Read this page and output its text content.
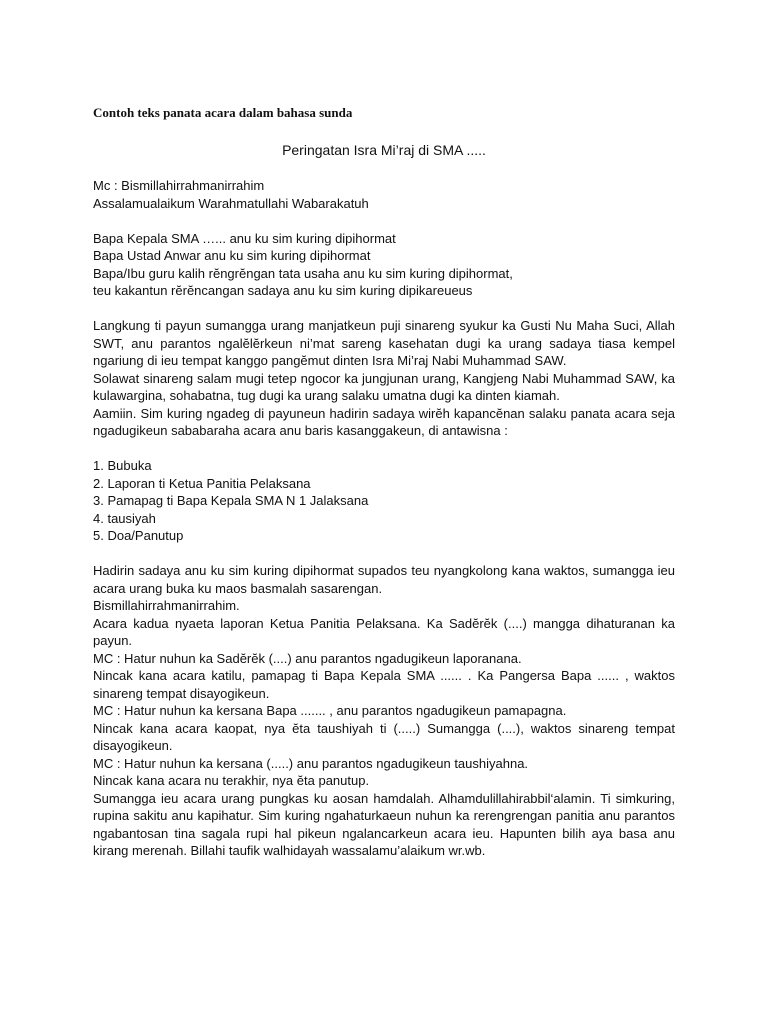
Contoh teks panata acara dalam bahasa sunda
Peringatan Isra Mi’raj di SMA .....
Mc : Bismillahirrahmanirrahim
Assalamualaikum Warahmatullahi Wabarakatuh
Bapa Kepala SMA …... anu ku sim kuring dipihormat
Bapa Ustad Anwar anu ku sim kuring dipihormat
Bapa/Ibu guru kalih rĕngrĕngan tata usaha anu ku sim kuring dipihormat,
teu kakantun rĕrĕncangan sadaya anu ku sim kuring dipikareueus

Langkung ti payun sumangga urang manjatkeun puji sinareng syukur ka Gusti Nu Maha Suci, Allah SWT, anu parantos ngalĕlĕrkeun ni’mat sareng kasehatan dugi ka urang sadaya tiasa kempel ngariung di ieu tempat kanggo pangĕmut dinten Isra Mi’raj Nabi Muhammad SAW.

Solawat sinareng salam mugi tetep ngocor ka jungjunan urang, Kangjeng Nabi Muhammad SAW, ka kulawargina, sohabatna, tug dugi ka urang salaku umatna dugi ka dinten kiamah.

Aamiin. Sim kuring ngadeg di payuneun hadirin sadaya wirĕh kapancĕnan salaku panata acara seja ngadugikeun sababaraha acara anu baris kasanggakeun, di antawisna :

1. Bubuka
2. Laporan ti Ketua Panitia Pelaksana
3. Pamapag ti Bapa Kepala SMA N 1 Jalaksana
4. tausiyah
5. Doa/Panutup

Hadirin sadaya anu ku sim kuring dipihormat supados teu nyangkolong kana waktos, sumangga ieu acara urang buka ku maos basmalah sasarengan.

Bismillahirrahmanirrahim.

Acara kadua nyaeta laporan Ketua Panitia Pelaksana. Ka Sadĕrĕk (....) mangga dihaturanan ka payun.

MC : Hatur nuhun ka Sadĕrĕk (....) anu parantos ngadugikeun laporanana.

Nincak kana acara katilu, pamapag ti Bapa Kepala SMA ...... . Ka Pangersa Bapa ...... , waktos sinareng tempat disayogikeun.

MC : Hatur nuhun ka kersana Bapa ....... , anu parantos ngadugikeun pamapagna.

Nincak kana acara kaopat, nya ĕta taushiyah ti (.....) Sumangga (....), waktos sinareng tempat disayogikeun.

MC : Hatur nuhun ka kersana (.....) anu parantos ngadugikeun taushiyahna.

Nincak kana acara nu terakhir, nya ĕta panutup.

Sumangga ieu acara urang pungkas ku aosan hamdalah. Alhamdulillahirabbil‘alamin. Ti simkuring, rupina sakitu anu kapihatur. Sim kuring ngahaturkaeun nuhun ka rerengrengan panitia anu parantos ngabantosan tina sagala rupi hal pikeun ngalancarkeun acara ieu. Hapunten bilih aya basa anu kirang merenah. Billahi taufik walhidayah wassalamu’alaikum wr.wb.
